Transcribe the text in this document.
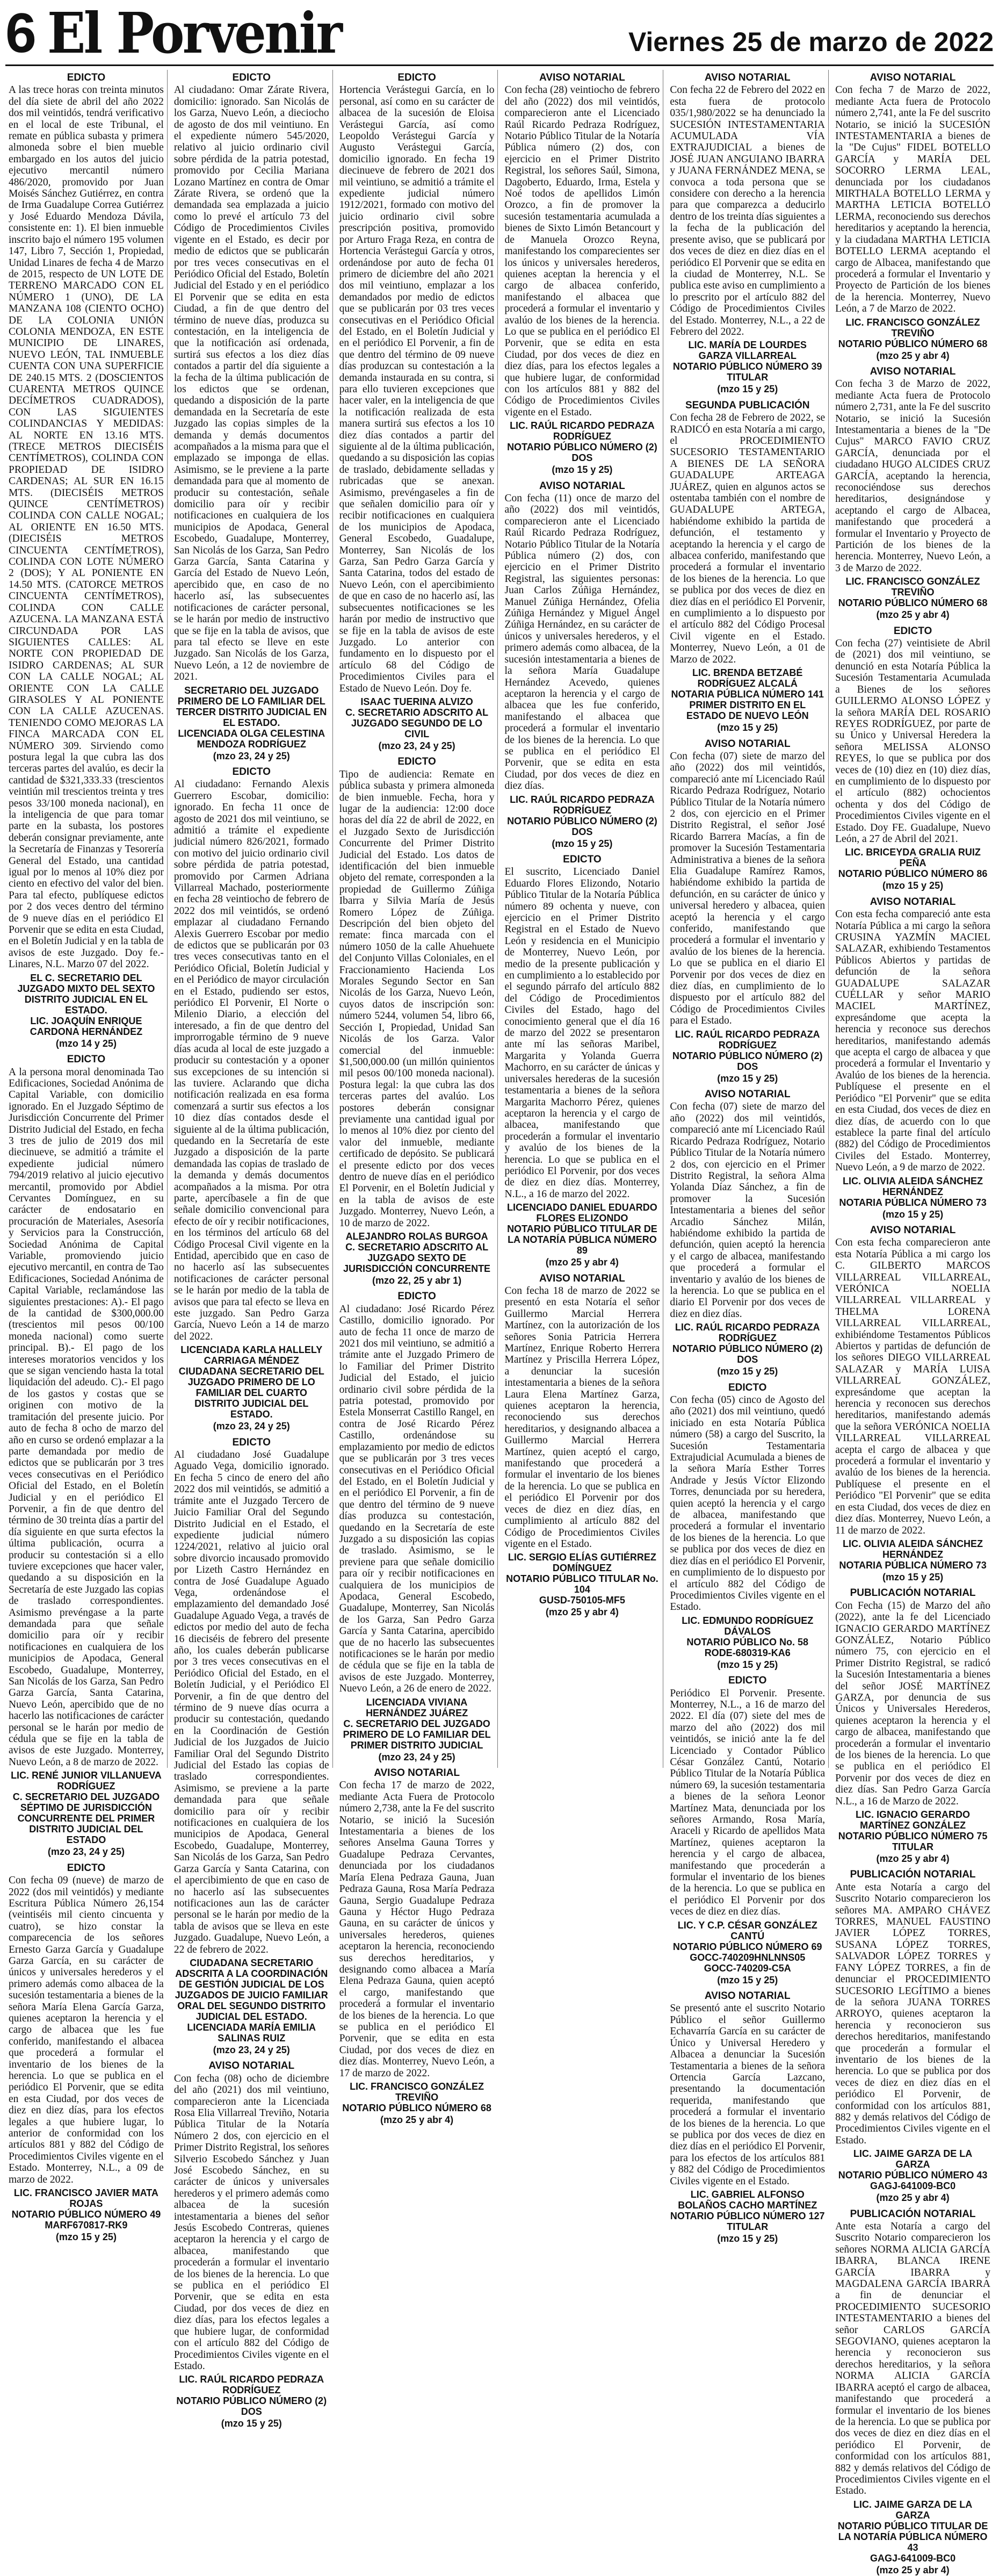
6 El Porvenir	Viernes 25 de marzo de 2022

EDICTO

A las trece horas con treinta minutos del día siete de abril del año 2022 dos mil veintidós, tendrá verificativo en el local de este Tribunal, el remate en pública subasta y primera almoneda sobre el bien mueble embargado en los autos del juicio ejecutivo mercantil número 486/2020, promovido por Juan Moisés Sánchez Gutiérrez, en contra de Irma Guadalupe Correa Gutiérrez y José Eduardo Mendoza Dávila, consistente en: 1). El bien inmueble inscrito bajo el número 195 volumen 147, Libro 7, Sección 1, Propiedad, Unidad Linares de fecha 4 de Marzo de 2015, respecto de UN LOTE DE TERRENO MARCADO CON EL NÚMERO 1 (UNO), DE LA MANZANA 108 (CIENTO OCHO) DE LA COLONIA UNIÓN COLONIA MENDOZA, EN ESTE MUNICIPIO DE LINARES, NUEVO LEÓN, TAL INMUEBLE CUENTA CON UNA SUPERFICIE DE 240.15 MTS. 2 (DOSCIENTOS CUARENTA METROS QUINCE DECÍMETROS CUADRADOS), CON LAS SIGUIENTES COLINDANCIAS Y MEDIDAS: AL NORTE EN 13.16 MTS. (TRECE METROS DIECISÉIS CENTÍMETROS), COLINDA CON PROPIEDAD DE ISIDRO CARDENAS; AL SUR EN 16.15 MTS. (DIECISÉIS METROS QUINCE CENTÍMETROS) COLINDA CON CALLE NOGAL; AL ORIENTE EN 16.50 MTS. (DIECISÉIS METROS CINCUENTA CENTÍMETROS), COLINDA CON LOTE NÚMERO 2 (DOS); Y AL PONIENTE EN 14.50 MTS. (CATORCE METROS CINCUENTA CENTÍMETROS), COLINDA CON CALLE AZUCENA. LA MANZANA ESTÁ CIRCUNDADA POR LAS SIGUIENTES CALLES: AL NORTE CON PROPIEDAD DE ISIDRO CARDENAS; AL SUR CON LA CALLE NOGAL; AL ORIENTE CON LA CALLE GIRASOLES Y AL PONIENTE CON LA CALLE AZUCENAS. TENIENDO COMO MEJORAS LA FINCA MARCADA CON EL NÚMERO 309. Sirviendo como postura legal la que cubra las dos terceras partes del avalúo, es decir la cantidad de $321,333.33 (trescientos veintiún mil trescientos treinta y tres pesos 33/100 moneda nacional), en la inteligencia de que para tomar parte en la subasta, los postores deberán consignar previamente, ante la Secretaría de Finanzas y Tesorería General del Estado, una cantidad igual por lo menos al 10% diez por ciento en efectivo del valor del bien. Para tal efecto, publíquese edictos por 2 dos veces dentro del término de 9 nueve días en el periódico El Porvenir que se edita en esta Ciudad, en el Boletín Judicial y en la tabla de avisos de este Juzgado. Doy fe.- Linares, N.L. Marzo 07 del 2022.

EL C. SECRETARIO DEL JUZGADO MIXTO DEL SEXTO DISTRITO JUDICIAL EN EL ESTADO.
LIC. JOAQUÍN ENRIQUE CARDONA HERNÁNDEZ

(mzo 14 y 25)

EDICTO

A la persona moral denominada Tao Edificaciones, Sociedad Anónima de Capital Variable, con domicilio ignorado. En el Juzgado Séptimo de Jurisdicción Concurrente del Primer Distrito Judicial del Estado, en fecha 3 tres de julio de 2019 dos mil diecinueve, se admitió a trámite el expediente judicial número 794/2019 relativo al juicio ejecutivo mercantil, promovido por Abdiel Cervantes Domínguez, en su carácter de endosatario en procuración de Materiales, Asesoría y Servicios para la Construcción, Sociedad Anónima de Capital Variable, promoviendo juicio ejecutivo mercantil, en contra de Tao Edificaciones, Sociedad Anónima de Capital Variable, reclamándose las siguientes prestaciones: A).- El pago de la cantidad de $300,000.00 (trescientos mil pesos 00/100 moneda nacional) como suerte principal. B).- El pago de los intereses moratorios vencidos y los que se sigan venciendo hasta la total liquidación del adeudo. C).- El pago de los gastos y costas que se originen con motivo de la tramitación del presente juicio. Por auto de fecha 8 ocho de marzo del año en curso se ordenó emplazar a la parte demandada por medio de edictos que se publicarán por 3 tres veces consecutivas en el Periódico Oficial del Estado, en el Boletín Judicial y en el periódico El Porvenir, a fin de que dentro del término de 30 treinta días a partir del día siguiente en que surta efectos la última publicación, ocurra a producir su contestación si a ello tuviere excepciones que hacer valer, quedando a su disposición en la Secretaría de este Juzgado las copias de traslado correspondientes. Asimismo prevéngase a la parte demandada para que señale domicilio para oír y recibir notificaciones en cualquiera de los municipios de Apodaca, General Escobedo, Guadalupe, Monterrey, San Nicolás de los Garza, San Pedro Garza García, Santa Catarina, Nuevo León, apercibido que de no hacerlo las notificaciones de carácter personal se le harán por medio de cédula que se fije en la tabla de avisos de este Juzgado. Monterrey, Nuevo León, a 8 de marzo de 2022.

LIC. RENÉ JUNIOR VILLANUEVA RODRÍGUEZ
C. SECRETARIO DEL JUZGADO SÉPTIMO DE JURISDICCIÓN CONCURRENTE DEL PRIMER DISTRITO JUDICIAL DEL ESTADO

(mzo 23, 24 y 25)

EDICTO

Con fecha 09 (nueve) de marzo de 2022 (dos mil veintidós) y mediante Escritura Pública Número 26,154 (veintiséis mil ciento cincuenta y cuatro), se hizo constar la comparecencia de los señores Ernesto Garza García y Guadalupe Garza García, en su carácter de únicos y universales herederos y el primero además como albacea de la sucesión testamentaria a bienes de la señora María Elena García Garza, quienes aceptaron la herencia y el cargo de albacea que les fue conferido, manifestando el albacea que procederá a formular el inventario de los bienes de la herencia. Lo que se publica en el periódico El Porvenir, que se edita en esta Ciudad, por dos veces de diez en diez días, para los efectos legales a que hubiere lugar, lo anterior de conformidad con los artículos 881 y 882 del Código de Procedimientos Civiles vigente en el Estado. Monterrey, N.L., a 09 de marzo de 2022.

LIC. FRANCISCO JAVIER MATA ROJAS
NOTARIO PÚBLICO NÚMERO 49
MARF670817-RK9

(mzo 15 y 25)

EDICTO

Al ciudadano: Omar Zárate Rivera, domicilio: ignorado. San Nicolás de los Garza, Nuevo León, a dieciocho de agosto de dos mil veintiuno. En el expediente número 545/2020, relativo al juicio ordinario civil sobre pérdida de la patria potestad, promovido por Cecilia Mariana Lozano Martínez en contra de Omar Zárate Rivera, se ordenó que la demandada sea emplazada a juicio como lo prevé el artículo 73 del Código de Procedimientos Civiles vigente en el Estado, es decir por medio de edictos que se publicarán por tres veces consecutivas en el Periódico Oficial del Estado, Boletín Judicial del Estado y en el periódico El Porvenir que se edita en esta Ciudad, a fin de que dentro del término de nueve días, produzca su contestación, en la inteligencia de que la notificación así ordenada, surtirá sus efectos a los diez días contados a partir del día siguiente a la fecha de la última publicación de los edictos que se ordenan, quedando a disposición de la parte demandada en la Secretaría de este Juzgado las copias simples de la demanda y demás documentos acompañados a la misma para que el emplazado se imponga de ellas. Asimismo, se le previene a la parte demandada para que al momento de producir su contestación, señale domicilio para oír y recibir notificaciones en cualquiera de los municipios de Apodaca, General Escobedo, Guadalupe, Monterrey, San Nicolás de los Garza, San Pedro Garza García, Santa Catarina y García del Estado de Nuevo León, apercibido que, en caso de no hacerlo así, las subsecuentes notificaciones de carácter personal, se le harán por medio de instructivo que se fije en la tabla de avisos, que para tal efecto se lleve en este Juzgado. San Nicolás de los Garza, Nuevo León, a 12 de noviembre de 2021.

SECRETARIO DEL JUZGADO PRIMERO DE LO FAMILIAR DEL TERCER DISTRITO JUDICIAL EN EL ESTADO.
LICENCIADA OLGA CELESTINA MENDOZA RODRÍGUEZ

(mzo 23, 24 y 25)

EDICTO

Al ciudadano: Fernando Alexis Guerrero Escobar, domicilio: ignorado. En fecha 11 once de agosto de 2021 dos mil veintiuno, se admitió a trámite el expediente judicial número 826/2021, formado con motivo del juicio ordinario civil sobre pérdida de patria potestad, promovido por Carmen Adriana Villarreal Machado, posteriormente en fecha 28 veintiocho de febrero de 2022 dos mil veintidós, se ordenó emplazar al ciudadano Fernando Alexis Guerrero Escobar por medio de edictos que se publicarán por 03 tres veces consecutivas tanto en el Periódico Oficial, Boletín Judicial y en el Periódico de mayor circulación en el Estado, pudiendo ser estos, periódico El Porvenir, El Norte o Milenio Diario, a elección del interesado, a fin de que dentro del improrrogable término de 9 nueve días acuda al local de este juzgado a producir su contestación y a oponer sus excepciones de su intención si las tuviere. Aclarando que dicha notificación realizada en esa forma comenzará a surtir sus efectos a los 10 diez días contados desde el siguiente al de la última publicación, quedando en la Secretaría de este Juzgado a disposición de la parte demandada las copias de traslado de la demanda y demás documentos acompañados a la misma. Por otra parte, apercíbasele a fin de que señale domicilio convencional para efecto de oír y recibir notificaciones, en los términos del artículo 68 del Código Procesal Civil vigente en la Entidad, apercibido que en caso de no hacerlo así las subsecuentes notificaciones de carácter personal se le harán por medio de la tabla de avisos que para tal efecto se lleva en este juzgado. San Pedro Garza García, Nuevo León a 14 de marzo del 2022.

LICENCIADA KARLA HALLELY CARRIAGA MÉNDEZ
CIUDADANA SECRETARIO DEL JUZGADO PRIMERO DE LO FAMILIAR DEL CUARTO DISTRITO JUDICIAL DEL ESTADO.

(mzo 23, 24 y 25)

EDICTO

Al ciudadano José Guadalupe Aguado Vega, domicilio ignorado. En fecha 5 cinco de enero del año 2022 dos mil veintidós, se admitió a trámite ante el Juzgado Tercero de Juicio Familiar Oral del Segundo Distrito Judicial en el Estado, el expediente judicial número 1224/2021, relativo al juicio oral sobre divorcio incausado promovido por Lizeth Castro Hernández en contra de José Guadalupe Aguado Vega, ordenándose el emplazamiento del demandado José Guadalupe Aguado Vega, a través de edictos por medio del auto de fecha 16 dieciséis de febrero del presente año, los cuales deberán publicarse por 3 tres veces consecutivas en el Periódico Oficial del Estado, en el Boletín Judicial, y el Periódico El Porvenir, a fin de que dentro del término de 9 nueve días ocurra a producir su contestación, quedando en la Coordinación de Gestión Judicial de los Juzgados de Juicio Familiar Oral del Segundo Distrito Judicial del Estado las copias de traslado correspondientes. Asimismo, se previene a la parte demandada para que señale domicilio para oír y recibir notificaciones en cualquiera de los municipios de Apodaca, General Escobedo, Guadalupe, Monterrey, San Nicolás de los Garza, San Pedro Garza García y Santa Catarina, con el apercibimiento de que en caso de no hacerlo así las subsecuentes notificaciones aun las de carácter personal se le harán por medio de la tabla de avisos que se lleva en este Juzgado. Guadalupe, Nuevo León, a 22 de febrero de 2022.

CIUDADANA SECRETARIO ADSCRITA A LA COORDINACIÓN DE GESTIÓN JUDICIAL DE LOS JUZGADOS DE JUICIO FAMILIAR ORAL DEL SEGUNDO DISTRITO JUDICIAL DEL ESTADO.
LICENCIADA MARÍA EMILIA SALINAS RUIZ

(mzo 23, 24 y 25)

AVISO NOTARIAL

Con fecha (08) ocho de diciembre del año (2021) dos mil veintiuno, comparecieron ante la Licenciada Rosa Elia Villarreal Treviño, Notaria Pública Titular de la Notaría Número 2 dos, con ejercicio en el Primer Distrito Registral, los señores Silverio Escobedo Sánchez y Juan José Escobedo Sánchez, en su carácter de únicos y universales herederos y el primero además como albacea de la sucesión intestamentaria a bienes del señor Jesús Escobedo Contreras, quienes aceptaron la herencia y el cargo de albacea, manifestando que procederán a formular el inventario de los bienes de la herencia. Lo que se publica en el periódico El Porvenir, que se edita en esta Ciudad, por dos veces de diez en diez días, para los efectos legales a que hubiere lugar, de conformidad con el artículo 882 del Código de Procedimientos Civiles vigente en el Estado.

LIC. RAÚL RICARDO PEDRAZA RODRÍGUEZ
NOTARIO PÚBLICO NÚMERO (2) DOS

(mzo 15 y 25)

EDICTO

Hortencia Verástegui García, en lo personal, así como en su carácter de albacea de la sucesión de Eloisa Verástegui García, así como Leopoldo Verástegui García y Augusto Verástegui García, domicilio ignorado. En fecha 19 diecinueve de febrero de 2021 dos mil veintiuno, se admitió a trámite el expediente judicial número 1912/2021, formado con motivo del juicio ordinario civil sobre prescripción positiva, promovido por Arturo Fraga Reza, en contra de Hortencia Verástegui García y otros, ordenándose por auto de fecha 01 primero de diciembre del año 2021 dos mil veintiuno, emplazar a los demandados por medio de edictos que se publicarán por 03 tres veces consecutivas en el Periódico Oficial del Estado, en el Boletín Judicial y en el periódico El Porvenir, a fin de que dentro del término de 09 nueve días produzcan su contestación a la demanda instaurada en su contra, si para ello tuvieren excepciones que hacer valer, en la inteligencia de que la notificación realizada de esta manera surtirá sus efectos a los 10 diez días contados a partir del siguiente al de la última publicación, quedando a su disposición las copias de traslado, debidamente selladas y rubricadas que se anexan. Asimismo, prevéngaseles a fin de que señalen domicilio para oír y recibir notificaciones en cualquiera de los municipios de Apodaca, General Escobedo, Guadalupe, Monterrey, San Nicolás de los Garza, San Pedro Garza García y Santa Catarina, todos del estado de Nuevo León, con el apercibimiento de que en caso de no hacerlo así, las subsecuentes notificaciones se les harán por medio de instructivo que se fije en la tabla de avisos de este Juzgado. Lo anterior con fundamento en lo dispuesto por el artículo 68 del Código de Procedimientos Civiles para el Estado de Nuevo León. Doy fe.

ISAAC TUERINA ALVIZO
C. SECRETARIO ADSCRITO AL JUZGADO SEGUNDO DE LO CIVIL

(mzo 23, 24 y 25)

EDICTO

Tipo de audiencia: Remate en pública subasta y primera almoneda de bien inmueble. Fecha, hora y lugar de la audiencia: 12:00 doce horas del día 22 de abril de 2022, en el Juzgado Sexto de Jurisdicción Concurrente del Primer Distrito Judicial del Estado. Los datos de identificación del bien inmueble objeto del remate, corresponden a la propiedad de Guillermo Zúñiga Ibarra y Silvia María de Jesús Romero López de Zúñiga. Descripción del bien objeto del remate: finca marcada con el número 1050 de la calle Ahuehuete del Conjunto Villas Coloniales, en el Fraccionamiento Hacienda Los Morales Segundo Sector en San Nicolás de los Garza, Nuevo León, cuyos datos de inscripción son: número 5244, volumen 54, libro 66, Sección I, Propiedad, Unidad San Nicolás de los Garza. Valor comercial del inmueble: $1,500,000.00 (un millón quinientos mil pesos 00/100 moneda nacional). Postura legal: la que cubra las dos terceras partes del avalúo. Los postores deberán consignar previamente una cantidad igual por lo menos al 10% diez por ciento del valor del inmueble, mediante certificado de depósito. Se publicará el presente edicto por dos veces dentro de nueve días en el periódico El Porvenir, en el Boletín Judicial y en la tabla de avisos de este Juzgado. Monterrey, Nuevo León, a 10 de marzo de 2022.

ALEJANDRO ROLAS BURGOA
C. SECRETARIO ADSCRITO AL JUZGADO SEXTO DE JURISDICCIÓN CONCURRENTE

(mzo 22, 25 y abr 1)

EDICTO

Al ciudadano: José Ricardo Pérez Castillo, domicilio ignorado. Por auto de fecha 11 once de marzo de 2021 dos mil veintiuno, se admitió a trámite ante el Juzgado Primero de lo Familiar del Primer Distrito Judicial del Estado, el juicio ordinario civil sobre pérdida de la patria potestad, promovido por Estela Monserrat Castillo Rangel, en contra de José Ricardo Pérez Castillo, ordenándose su emplazamiento por medio de edictos que se publicarán por 3 tres veces consecutivas en el Periódico Oficial del Estado, en el Boletín Judicial y en el periódico El Porvenir, a fin de que dentro del término de 9 nueve días produzca su contestación, quedando en la Secretaría de este Juzgado a su disposición las copias de traslado. Asimismo, se le previene para que señale domicilio para oír y recibir notificaciones en cualquiera de los municipios de Apodaca, General Escobedo, Guadalupe, Monterrey, San Nicolás de los Garza, San Pedro Garza García y Santa Catarina, apercibido que de no hacerlo las subsecuentes notificaciones se le harán por medio de cédula que se fije en la tabla de avisos de este Juzgado. Monterrey, Nuevo León, a 26 de enero de 2022.

LICENCIADA VIVIANA HERNÁNDEZ JUÁREZ
C. SECRETARIO DEL JUZGADO PRIMERO DE LO FAMILIAR DEL PRIMER DISTRITO JUDICIAL

(mzo 23, 24 y 25)

AVISO NOTARIAL

Con fecha 17 de marzo de 2022, mediante Acta Fuera de Protocolo número 2,738, ante la Fe del suscrito Notario, se inició la Sucesión Intestamentaria a bienes de los señores Anselma Gauna Torres y Guadalupe Pedraza Cervantes, denunciada por los ciudadanos María Elena Pedraza Gauna, Juan Pedraza Gauna, Rosa María Pedraza Gauna, Sergio Guadalupe Pedraza Gauna y Héctor Hugo Pedraza Gauna, en su carácter de únicos y universales herederos, quienes aceptaron la herencia, reconociendo sus derechos hereditarios, y designando como albacea a María Elena Pedraza Gauna, quien aceptó el cargo, manifestando que procederá a formular el inventario de los bienes de la herencia. Lo que se publica en el periódico El Porvenir, que se edita en esta Ciudad, por dos veces de diez en diez días. Monterrey, Nuevo León, a 17 de marzo de 2022.

LIC. FRANCISCO GONZÁLEZ TREVIÑO
NOTARIO PÚBLICO NÚMERO 68

(mzo 25 y abr 4)

AVISO NOTARIAL

Con fecha (28) veintiocho de febrero del año (2022) dos mil veintidós, comparecieron ante el Licenciado Raúl Ricardo Pedraza Rodríguez, Notario Público Titular de la Notaría Pública número (2) dos, con ejercicio en el Primer Distrito Registral, los señores Saúl, Simona, Dagoberto, Eduardo, Irma, Estela y Noé todos de apellidos Limón Orozco, a fin de promover la sucesión testamentaria acumulada a bienes de Sixto Limón Betancourt y de Manuela Orozco Reyna, manifestando los comparecientes ser los únicos y universales herederos, quienes aceptan la herencia y el cargo de albacea conferido, manifestando el albacea que procederá a formular el inventario y avalúo de los bienes de la herencia. Lo que se publica en el periódico El Porvenir, que se edita en esta Ciudad, por dos veces de diez en diez días, para los efectos legales a que hubiere lugar, de conformidad con los artículos 881 y 882 del Código de Procedimientos Civiles vigente en el Estado.

LIC. RAÚL RICARDO PEDRAZA RODRÍGUEZ
NOTARIO PÚBLICO NÚMERO (2) DOS

(mzo 15 y 25)

AVISO NOTARIAL

Con fecha (11) once de marzo del año (2022) dos mil veintidós, comparecieron ante el Licenciado Raúl Ricardo Pedraza Rodríguez, Notario Público Titular de la Notaría Pública número (2) dos, con ejercicio en el Primer Distrito Registral, las siguientes personas: Juan Carlos Zúñiga Hernández, Manuel Zúñiga Hernández, Ofelia Zúñiga Hernández y Miguel Ángel Zúñiga Hernández, en su carácter de únicos y universales herederos, y el primero además como albacea, de la sucesión intestamentaria a bienes de la señora María Guadalupe Hernández Acevedo, quienes aceptaron la herencia y el cargo de albacea que les fue conferido, manifestando el albacea que procederá a formular el inventario de los bienes de la herencia. Lo que se publica en el periódico El Porvenir, que se edita en esta Ciudad, por dos veces de diez en diez días.

LIC. RAÚL RICARDO PEDRAZA RODRÍGUEZ
NOTARIO PÚBLICO NÚMERO (2) DOS

(mzo 15 y 25)

EDICTO

El suscrito, Licenciado Daniel Eduardo Flores Elizondo, Notario Público Titular de la Notaría Pública número 89 ochenta y nueve, con ejercicio en el Primer Distrito Registral en el Estado de Nuevo León y residencia en el Municipio de Monterrey, Nuevo León, por medio de la presente publicación y en cumplimiento a lo establecido por el segundo párrafo del artículo 882 del Código de Procedimientos Civiles del Estado, hago del conocimiento general que el día 16 de marzo del 2022 se presentaron ante mí las señoras Maribel, Margarita y Yolanda Guerra Machorro, en su carácter de únicas y universales herederas de la sucesión testamentaria a bienes de la señora Margarita Machorro Pérez, quienes aceptaron la herencia y el cargo de albacea, manifestando que procederán a formular el inventario y avalúo de los bienes de la herencia. Lo que se publica en el periódico El Porvenir, por dos veces de diez en diez días. Monterrey, N.L., a 16 de marzo del 2022.

LICENCIADO DANIEL EDUARDO FLORES ELIZONDO
NOTARIO PÚBLICO TITULAR DE LA NOTARÍA PÚBLICA NÚMERO 89

(mzo 25 y abr 4)

AVISO NOTARIAL

Con fecha 18 de marzo de 2022 se presentó en esta Notaría el señor Guillermo Marcial Herrera Martínez, con la autorización de los señores Sonia Patricia Herrera Martínez, Enrique Roberto Herrera Martínez y Priscilla Herrera López, a denunciar la sucesión intestamentaria a bienes de la señora Laura Elena Martínez Garza, quienes aceptaron la herencia, reconociendo sus derechos hereditarios, y designando albacea a Guillermo Marcial Herrera Martínez, quien aceptó el cargo, manifestando que procederá a formular el inventario de los bienes de la herencia. Lo que se publica en el periódico El Porvenir por dos veces de diez en diez días, en cumplimiento al artículo 882 del Código de Procedimientos Civiles vigente en el Estado.

LIC. SERGIO ELÍAS GUTIÉRREZ DOMÍNGUEZ
NOTARIO PÚBLICO TITULAR No. 104
GUSD-750105-MF5

(mzo 25 y abr 4)

AVISO NOTARIAL

Con fecha 22 de Febrero del 2022 en esta fuera de protocolo 035/1,980/2022 se ha denunciado la SUCESIÓN INTESTAMENTARIA ACUMULADA VÍA EXTRAJUDICIAL a bienes de JOSÉ JUAN ANGUIANO IBARRA y JUANA FERNÁNDEZ MENA, se convoca a toda persona que se considere con derecho a la herencia para que comparezca a deducirlo dentro de los treinta días siguientes a la fecha de la publicación del presente aviso, que se publicará por dos veces de diez en diez días en el periódico El Porvenir que se edita en la ciudad de Monterrey, N.L. Se publica este aviso en cumplimiento a lo prescrito por el artículo 882 del Código de Procedimientos Civiles del Estado. Monterrey, N.L., a 22 de Febrero del 2022.

LIC. MARÍA DE LOURDES GARZA VILLARREAL
NOTARIO PÚBLICO NÚMERO 39
TITULAR

(mzo 15 y 25)

SEGUNDA PUBLICACIÓN

Con fecha 28 de Febrero de 2022, se RADICÓ en esta Notaría a mi cargo, el PROCEDIMIENTO SUCESORIO TESTAMENTARIO A BIENES DE LA SEÑORA GUADALUPE ARTEAGA JUÁREZ, quien en algunos actos se ostentaba también con el nombre de GUADALUPE ARTEGA, habiéndome exhibido la partida de defunción, el testamento y aceptando la herencia y el cargo de albacea conferido, manifestando que procederá a formular el inventario de los bienes de la herencia. Lo que se publica por dos veces de diez en diez días en el periódico El Porvenir, en cumplimiento a lo dispuesto por el artículo 882 del Código Procesal Civil vigente en el Estado. Monterrey, Nuevo León, a 01 de Marzo de 2022.

LIC. BRENDA BETZABÉ RODRÍGUEZ ALCALÁ
NOTARIA PÚBLICA NÚMERO 141
PRIMER DISTRITO EN EL ESTADO DE NUEVO LEÓN

(mzo 15 y 25)

AVISO NOTARIAL

Con fecha (07) siete de marzo del año (2022) dos mil veintidós, compareció ante mí Licenciado Raúl Ricardo Pedraza Rodríguez, Notario Público Titular de la Notaría número 2 dos, con ejercicio en el Primer Distrito Registral, el señor José Ricardo Barrera Macías, a fin de promover la Sucesión Testamentaria Administrativa a bienes de la señora Elia Guadalupe Ramírez Ramos, habiéndome exhibido la partida de defunción, en su carácter de único y universal heredero y albacea, quien aceptó la herencia y el cargo conferido, manifestando que procederá a formular el inventario y avalúo de los bienes de la herencia. Lo que se publica en el diario El Porvenir por dos veces de diez en diez días, en cumplimiento de lo dispuesto por el artículo 882 del Código de Procedimientos Civiles para el Estado.

LIC. RAÚL RICARDO PEDRAZA RODRÍGUEZ
NOTARIO PÚBLICO NÚMERO (2) DOS

(mzo 15 y 25)

AVISO NOTARIAL

Con fecha (07) siete de marzo del año (2022) dos mil veintidós, compareció ante mí Licenciado Raúl Ricardo Pedraza Rodríguez, Notario Público Titular de la Notaría número 2 dos, con ejercicio en el Primer Distrito Registral, la señora Alma Yolanda Díaz Sánchez, a fin de promover la Sucesión Intestamentaria a bienes del señor Arcadio Sánchez Milán, habiéndome exhibido la partida de defunción, quien aceptó la herencia y el cargo de albacea, manifestando que procederá a formular el inventario y avalúo de los bienes de la herencia. Lo que se publica en el diario El Porvenir por dos veces de diez en diez días.

LIC. RAÚL RICARDO PEDRAZA RODRÍGUEZ
NOTARIO PÚBLICO NÚMERO (2) DOS

(mzo 15 y 25)

EDICTO

Con fecha (05) cinco de Agosto del año (2021) dos mil veintiuno, quedó iniciado en esta Notaría Pública número (58) a cargo del Suscrito, la Sucesión Testamentaria Extrajudicial Acumulada a bienes de la señora María Esther Torres Andrade y Jesús Víctor Elizondo Torres, denunciada por su heredera, quien aceptó la herencia y el cargo de albacea, manifestando que procederá a formular el inventario de los bienes de la herencia. Lo que se publica por dos veces de diez en diez días en el periódico El Porvenir, en cumplimiento de lo dispuesto por el artículo 882 del Código de Procedimientos Civiles vigente en el Estado.

LIC. EDMUNDO RODRÍGUEZ DÁVALOS
NOTARIO PÚBLICO No. 58
RODE-680319-KA6

(mzo 15 y 25)

EDICTO

Periódico El Porvenir. Presente. Monterrey, N.L., a 16 de marzo del 2022. El día (07) siete del mes de marzo del año (2022) dos mil veintidós, se inició ante la fe del Licenciado y Contador Público César González Cantú, Notario Público Titular de la Notaría Pública número 69, la sucesión testamentaria a bienes de la señora Leonor Martínez Mata, denunciada por los señores Armando, Rosa María, Araceli y Ricardo de apellidos Mata Martínez, quienes aceptaron la herencia y el cargo de albacea, manifestando que procederán a formular el inventario de los bienes de la herencia. Lo que se publica en el periódico El Porvenir por dos veces de diez en diez días.

LIC. Y C.P. CÉSAR GONZÁLEZ CANTÚ
NOTARIO PÚBLICO NÚMERO 69
GOCC-740209HNLNNS05
GOCC-740209-C5A

(mzo 15 y 25)

AVISO NOTARIAL

Se presentó ante el suscrito Notario Público el señor Guillermo Echavarría García en su carácter de Único y Universal Heredero y Albacea a denunciar la Sucesión Testamentaria a bienes de la señora Ortencia García Lazcano, presentando la documentación requerida, manifestando que procederá a formular el inventario de los bienes de la herencia. Lo que se publica por dos veces de diez en diez días en el periódico El Porvenir, para los efectos de los artículos 881 y 882 del Código de Procedimientos Civiles vigente en el Estado.

LIC. GABRIEL ALFONSO BOLAÑOS CACHO MARTÍNEZ
NOTARIO PÚBLICO NÚMERO 127
TITULAR

(mzo 15 y 25)

AVISO NOTARIAL

Con fecha 7 de Marzo de 2022, mediante Acta fuera de Protocolo número 2,741, ante la Fe del suscrito Notario, se inició la SUCESIÓN INTESTAMENTARIA a bienes de la "De Cujus" FIDEL BOTELLO GARCÍA y MARÍA DEL SOCORRO LERMA LEAL, denunciada por los ciudadanos MIRTHALA BOTELLO LERMA y MARTHA LETICIA BOTELLO LERMA, reconociendo sus derechos hereditarios y aceptando la herencia, y la ciudadana MARTHA LETICIA BOTELLO LERMA aceptando el cargo de Albacea, manifestando que procederá a formular el Inventario y Proyecto de Partición de los bienes de la herencia. Monterrey, Nuevo León, a 7 de Marzo de 2022.

LIC. FRANCISCO GONZÁLEZ TREVIÑO
NOTARIO PÚBLICO NÚMERO 68

(mzo 25 y abr 4)

AVISO NOTARIAL

Con fecha 3 de Marzo de 2022, mediante Acta fuera de Protocolo número 2,731, ante la Fe del suscrito Notario, se inició la Sucesión Intestamentaria a bienes de la "De Cujus" MARCO FAVIO CRUZ GARCÍA, denunciada por el ciudadano HUGO ALCIDES CRUZ GARCÍA, aceptando la herencia, reconociéndose sus derechos hereditarios, designándose y aceptando el cargo de Albacea, manifestando que procederá a formular el Inventario y Proyecto de Partición de los bienes de la herencia. Monterrey, Nuevo León, a 3 de Marzo de 2022.

LIC. FRANCISCO GONZÁLEZ TREVIÑO
NOTARIO PÚBLICO NÚMERO 68

(mzo 25 y abr 4)

EDICTO

Con fecha (27) veintisiete de Abril de (2021) dos mil veintiuno, se denunció en esta Notaría Pública la Sucesión Testamentaria Acumulada a Bienes de los señores GUILLERMO ALONSO LÓPEZ y la señora MARÍA DEL ROSARIO REYES RODRÍGUEZ, por parte de su Único y Universal Heredera la señora MELISSA ALONSO REYES, lo que se publica por dos veces de (10) diez en (10) diez días, en cumplimiento de lo dispuesto por el artículo (882) ochocientos ochenta y dos del Código de Procedimientos Civiles vigente en el Estado. Doy FE. Guadalupe, Nuevo León, a 27 de Abril del 2021.

LIC. BRICEYDA GRALIA RUIZ PEÑA
NOTARIO PÚBLICO NÚMERO 86

(mzo 15 y 25)

AVISO NOTARIAL

Con esta fecha compareció ante esta Notaría Pública a mi cargo la señora CRUSINA YAZMÍN MACIEL SALAZAR, exhibiendo Testamentos Públicos Abiertos y partidas de defunción de la señora GUADALUPE SALAZAR CUÉLLAR y señor MARIO MACIEL MARTÍNEZ, expresándome que acepta la herencia y reconoce sus derechos hereditarios, manifestando además que acepta el cargo de albacea y que procederá a formular el Inventario y Avalúo de los bienes de la herencia. Publíquese el presente en el Periódico "El Porvenir" que se edita en esta Ciudad, dos veces de diez en diez días, de acuerdo con lo que establece la parte final del artículo (882) del Código de Procedimientos Civiles del Estado. Monterrey, Nuevo León, a 9 de marzo de 2022.

LIC. OLIVIA ALEIDA SÁNCHEZ HERNÁNDEZ
NOTARIA PÚBLICA NÚMERO 73

(mzo 15 y 25)

AVISO NOTARIAL

Con esta fecha comparecieron ante esta Notaría Pública a mi cargo los C. GILBERTO MARCOS VILLARREAL VILLARREAL, VERÓNICA NOELIA VILLARREAL VILLARREAL y THELMA LORENA VILLARREAL VILLARREAL, exhibiéndome Testamentos Públicos Abiertos y partidas de defunción de los señores DIEGO VILLARREAL SALAZAR y MARÍA LUISA VILLARREAL GONZÁLEZ, expresándome que aceptan la herencia y reconocen sus derechos hereditarios, manifestando además que la señora VERÓNICA NOELIA VILLARREAL VILLARREAL acepta el cargo de albacea y que procederá a formular el inventario y avalúo de los bienes de la herencia. Publíquese el presente en el Periódico "El Porvenir" que se edita en esta Ciudad, dos veces de diez en diez días. Monterrey, Nuevo León, a 11 de marzo de 2022.

LIC. OLIVIA ALEIDA SÁNCHEZ HERNÁNDEZ
NOTARIA PÚBLICA NÚMERO 73

(mzo 15 y 25)

PUBLICACIÓN NOTARIAL

Con Fecha (15) de Marzo del año (2022), ante la fe del Licenciado IGNACIO GERARDO MARTÍNEZ GONZÁLEZ, Notario Público número 75, con ejercicio en el Primer Distrito Registral, se radicó la Sucesión Intestamentaria a bienes del señor JOSÉ MARTÍNEZ GARZA, por denuncia de sus Únicos y Universales Herederos, quienes aceptaron la herencia y el cargo de albacea, manifestando que procederán a formular el inventario de los bienes de la herencia. Lo que se publica en el periódico El Porvenir por dos veces de diez en diez días. San Pedro Garza García N.L., a 16 de Marzo de 2022.

LIC. IGNACIO GERARDO MARTÍNEZ GONZÁLEZ
NOTARIO PÚBLICO NÚMERO 75
TITULAR

(mzo 25 y abr 4)

PUBLICACIÓN NOTARIAL

Ante esta Notaría a cargo del Suscrito Notario comparecieron los señores MA. AMPARO CHÁVEZ TORRES, MANUEL FAUSTINO JAVIER LÓPEZ TORRES, SUSANA LÓPEZ TORRES, SALVADOR LÓPEZ TORRES y FANY LÓPEZ TORRES, a fin de denunciar el PROCEDIMIENTO SUCESORIO LEGÍTIMO a bienes de la señora JUANA TORRES ARROYO, quienes aceptaron la herencia y reconocieron sus derechos hereditarios, manifestando que procederán a formular el inventario de los bienes de la herencia. Lo que se publica por dos veces de diez en diez días en el periódico El Porvenir, de conformidad con los artículos 881, 882 y demás relativos del Código de Procedimientos Civiles vigente en el Estado.

LIC. JAIME GARZA DE LA GARZA
NOTARIO PÚBLICO NÚMERO 43
GAGJ-641009-BC0

(mzo 25 y abr 4)

PUBLICACIÓN NOTARIAL

Ante esta Notaría a cargo del Suscrito Notario comparecieron los señores NORMA ALICIA GARCÍA IBARRA, BLANCA IRENE GARCÍA IBARRA y MAGDALENA GARCÍA IBARRA a fin de denunciar el PROCEDIMIENTO SUCESORIO INTESTAMENTARIO a bienes del señor CARLOS GARCÍA SEGOVIANO, quienes aceptaron la herencia y reconocieron sus derechos hereditarios, y la señora NORMA ALICIA GARCÍA IBARRA aceptó el cargo de albacea, manifestando que procederá a formular el inventario de los bienes de la herencia. Lo que se publica por dos veces de diez en diez días en el periódico El Porvenir, de conformidad con los artículos 881, 882 y demás relativos del Código de Procedimientos Civiles vigente en el Estado.

LIC. JAIME GARZA DE LA GARZA
NOTARIO PÚBLICO TITULAR DE LA NOTARÍA PÚBLICA NÚMERO 43
GAGJ-641009-BC0

(mzo 25 y abr 4)
